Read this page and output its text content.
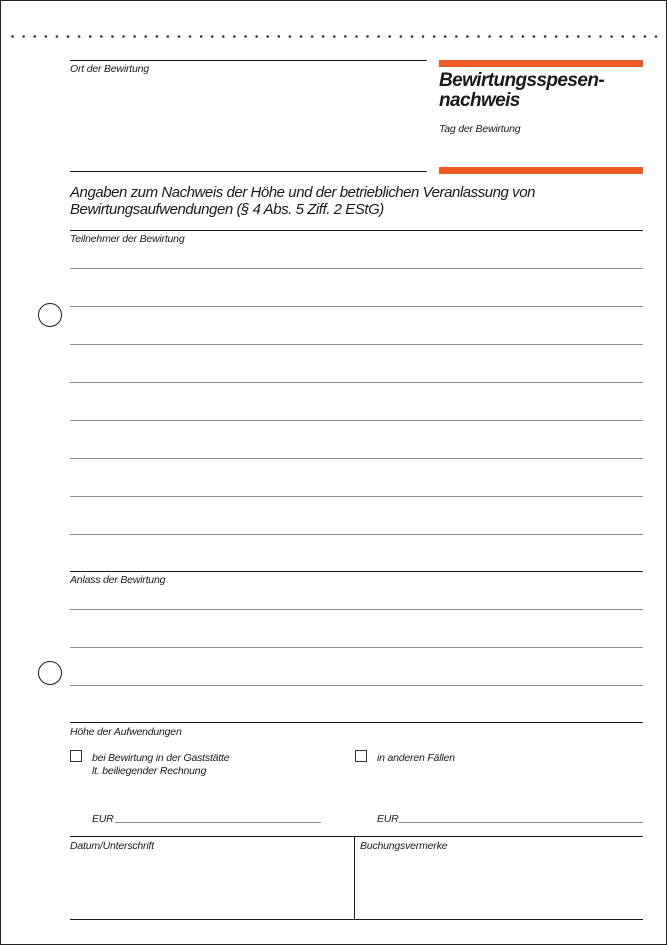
Ort der Bewirtung
Bewirtungsspesen-
nachweis
Tag der Bewirtung
Angaben zum Nachweis der Höhe und der betrieblichen Veranlassung von
Bewirtungsaufwendungen (§ 4 Abs. 5 Ziff. 2 EStG)
Teilnehmer der Bewirtung
Anlass der Bewirtung
Höhe der Aufwendungen
bei Bewirtung in der Gaststätte
lt. beiliegender Rechnung
in anderen Fällen
EUR	EUR
Datum/Unterschrift	Buchungsvermerke
